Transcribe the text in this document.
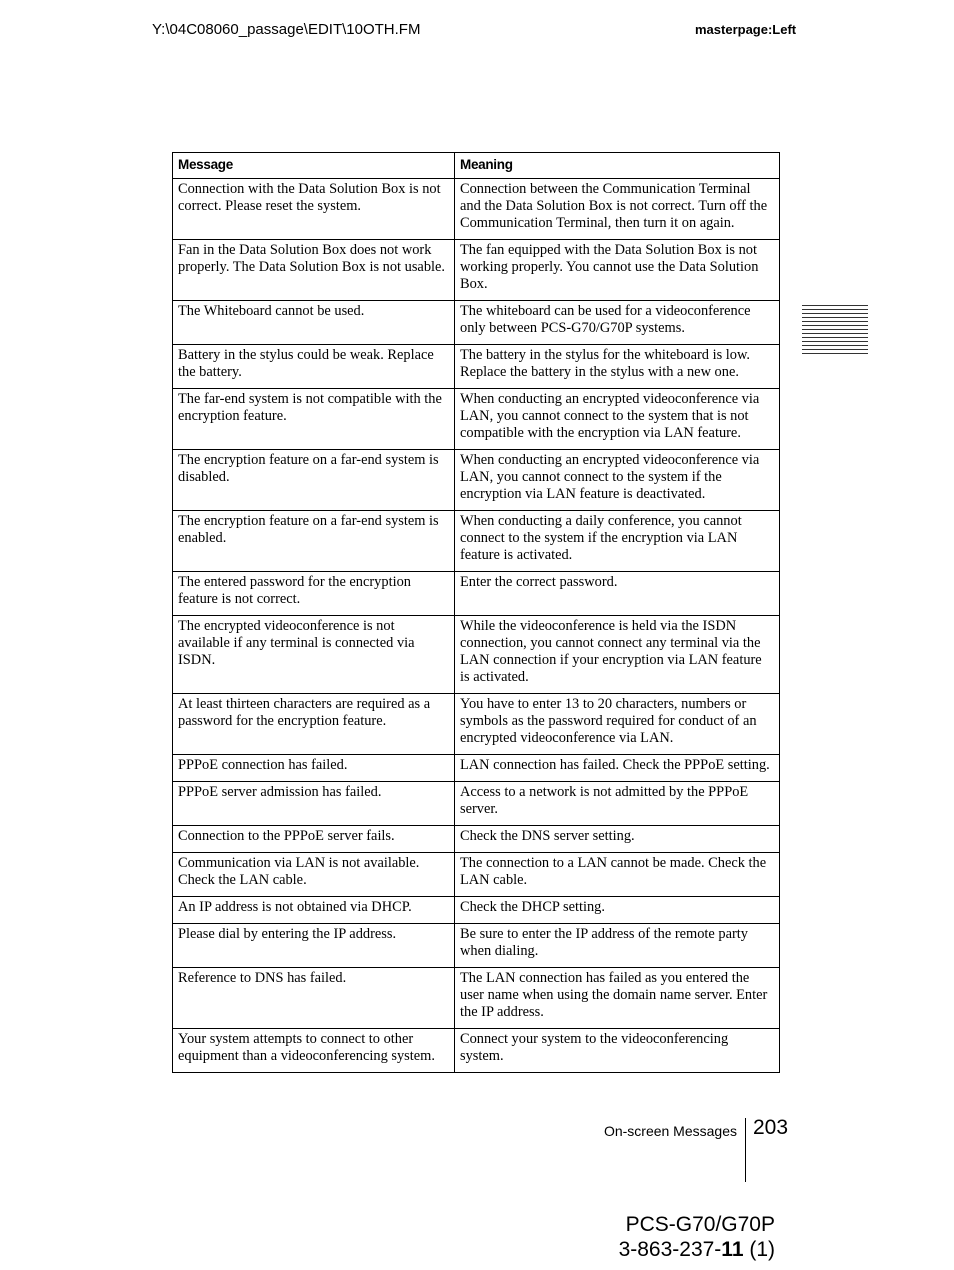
Y:\04C08060_passage\EDIT\10OTH.FM	masterpage:Left
Message	Meaning
Connection with the Data Solution Box is not correct. Please reset the system.	Connection between the Communication Terminal and the Data Solution Box is not correct. Turn off the Communication Terminal, then turn it on again.
Fan in the Data Solution Box does not work properly. The Data Solution Box is not usable.	The fan equipped with the Data Solution Box is not working properly. You cannot use the Data Solution Box.
The Whiteboard cannot be used.	The whiteboard can be used for a videoconference only between PCS-G70/G70P systems.
Battery in the stylus could be weak. Replace the battery.	The battery in the stylus for the whiteboard is low. Replace the battery in the stylus with a new one.
The far-end system is not compatible with the encryption feature.	When conducting an encrypted videoconference via LAN, you cannot connect to the system that is not compatible with the encryption via LAN feature.
The encryption feature on a far-end system is disabled.	When conducting an encrypted videoconference via LAN, you cannot connect to the system if the encryption via LAN feature is deactivated.
The encryption feature on a far-end system is enabled.	When conducting a daily conference, you cannot connect to the system if the encryption via LAN feature is activated.
The entered password for the encryption feature is not correct.	Enter the correct password.
The encrypted videoconference is not available if any terminal is connected via ISDN.	While the videoconference is held via the ISDN connection, you cannot connect any terminal via the LAN connection if your encryption via LAN feature is activated.
At least thirteen characters are required as a password for the encryption feature.	You have to enter 13 to 20 characters, numbers or symbols as the password required for conduct of an encrypted videoconference via LAN.
PPPoE connection has failed.	LAN connection has failed. Check the PPPoE setting.
PPPoE server admission has failed.	Access to a network is not admitted by the PPPoE server.
Connection to the PPPoE server fails.	Check the DNS server setting.
Communication via LAN is not available. Check the LAN cable.	The connection to a LAN cannot be made. Check the LAN cable.
An IP address is not obtained via DHCP.	Check the DHCP setting.
Please dial by entering the IP address.	Be sure to enter the IP address of the remote party when dialing.
Reference to DNS has failed.	The LAN connection has failed as you entered the user name when using the domain name server. Enter the IP address.
Your system attempts to connect to other equipment than a videoconferencing system.	Connect your system to the videoconferencing system.
On-screen Messages 203
PCS-G70/G70P
3-863-237-11 (1)
